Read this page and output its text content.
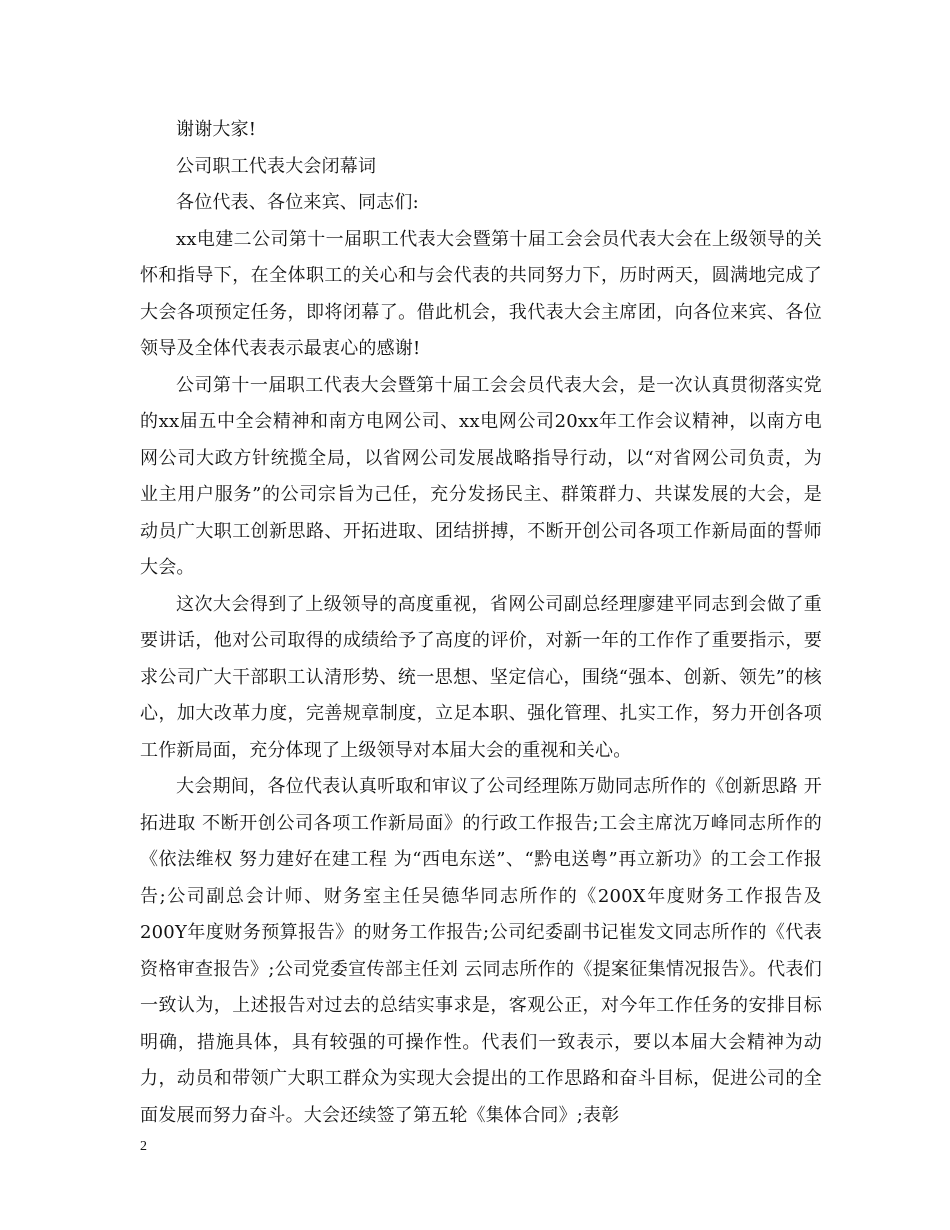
谢谢大家!

公司职工代表大会闭幕词

各位代表、各位来宾、同志们:

xx电建二公司第十一届职工代表大会暨第十届工会会员代表大会在上级领导的关怀和指导下，在全体职工的关心和与会代表的共同努力下，历时两天，圆满地完成了大会各项预定任务，即将闭幕了。借此机会，我代表大会主席团，向各位来宾、各位领导及全体代表表示最衷心的感谢!

公司第十一届职工代表大会暨第十届工会会员代表大会，是一次认真贯彻落实党的xx届五中全会精神和南方电网公司、xx电网公司20xx年工作会议精神，以南方电网公司大政方针统揽全局，以省网公司发展战略指导行动，以“对省网公司负责，为业主用户服务”的公司宗旨为己任，充分发扬民主、群策群力、共谋发展的大会，是动员广大职工创新思路、开拓进取、团结拼搏，不断开创公司各项工作新局面的誓师大会。

这次大会得到了上级领导的高度重视，省网公司副总经理廖建平同志到会做了重要讲话，他对公司取得的成绩给予了高度的评价，对新一年的工作作了重要指示，要求公司广大干部职工认清形势、统一思想、坚定信心，围绕“强本、创新、领先”的核心，加大改革力度，完善规章制度，立足本职、强化管理、扎实工作，努力开创各项工作新局面，充分体现了上级领导对本届大会的重视和关心。

大会期间，各位代表认真听取和审议了公司经理陈万勋同志所作的《创新思路 开拓进取 不断开创公司各项工作新局面》的行政工作报告;工会主席沈万峰同志所作的《依法维权 努力建好在建工程 为“西电东送”、“黔电送粤”再立新功》的工会工作报告;公司副总会计师、财务室主任吴德华同志所作的《200X年度财务工作报告及200Y年度财务预算报告》的财务工作报告;公司纪委副书记崔发文同志所作的《代表资格审查报告》;公司党委宣传部主任刘 云同志所作的《提案征集情况报告》。代表们一致认为，上述报告对过去的总结实事求是，客观公正，对今年工作任务的安排目标明确，措施具体，具有较强的可操作性。代表们一致表示，要以本届大会精神为动力，动员和带领广大职工群众为实现大会提出的工作思路和奋斗目标，促进公司的全面发展而努力奋斗。大会还续签了第五轮《集体合同》;表彰

2
